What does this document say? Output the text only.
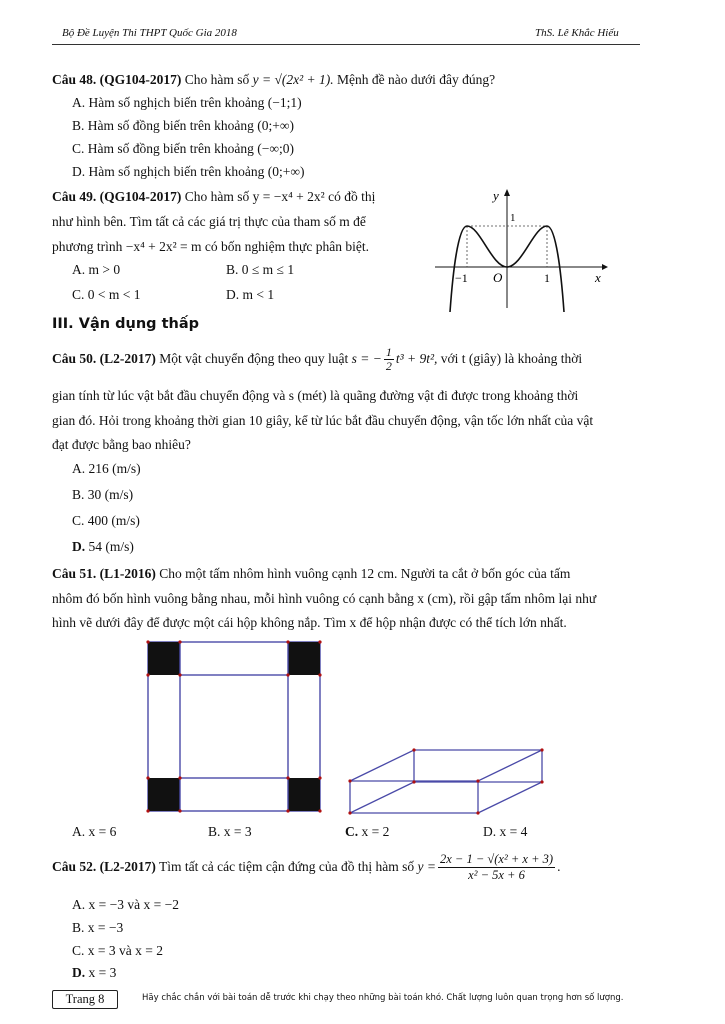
Bộ Đề Luyện Thi THPT Quốc Gia 2018	ThS. Lê Khắc Hiếu
Câu 48. (QG104-2017) Cho hàm số y = √(2x² + 1). Mệnh đề nào dưới đây đúng?
A. Hàm số nghịch biến trên khoảng (−1;1)
B. Hàm số đồng biến trên khoảng (0;+∞)
C. Hàm số đồng biến trên khoảng (−∞;0)
D. Hàm số nghịch biến trên khoảng (0;+∞)
Câu 49. (QG104-2017) Cho hàm số y = −x⁴ + 2x² có đồ thị
như hình bên. Tìm tất cả các giá trị thực của tham số m để
phương trình −x⁴ + 2x² = m có bốn nghiệm thực phân biệt.
A. m > 0	B. 0 ≤ m ≤ 1
C. 0 < m < 1	D. m < 1
y
x
1
−1 O	1
III. Vận dụng thấp
Câu 50. (L2-2017) Một vật chuyển động theo quy luật s = − $\frac{1}{2} t^3 + 9t^2$, với t (giây) là khoảng thời
gian tính từ lúc vật bắt đầu chuyển động và s (mét) là quãng đường vật đi được trong khoảng thời
gian đó. Hỏi trong khoảng thời gian 10 giây, kể từ lúc bắt đầu chuyển động, vận tốc lớn nhất của vật
đạt được bằng bao nhiêu?
A. 216 (m/s)
B. 30 (m/s)
C. 400 (m/s)
D. 54 (m/s)
Câu 51. (L1-2016) Cho một tấm nhôm hình vuông cạnh 12 cm. Người ta cắt ở bốn góc của tấm
nhôm đó bốn hình vuông bằng nhau, mỗi hình vuông có cạnh bằng x (cm), rồi gập tấm nhôm lại như
hình vẽ dưới đây để được một cái hộp không nắp. Tìm x để hộp nhận được có thể tích lớn nhất.
A. x = 6	B. x = 3	C. x = 2	D. x = 4
Câu 52. (L2-2017) Tìm tất cả các tiệm cận đứng của đồ thị hàm số $y = \frac{\text{2x − 1 − √(x² + x + 3)}}{\text{x² − 5x + 6}}$ .
A. x = −3 và x = −2
B. x = −3
C. x = 3 và x = 2
D. x = 3
Trang 8	Hãy chắc chắn với bài toán dễ trước khi chạy theo những bài toán khó. Chất lượng luôn quan trọng hơn số lượng.
